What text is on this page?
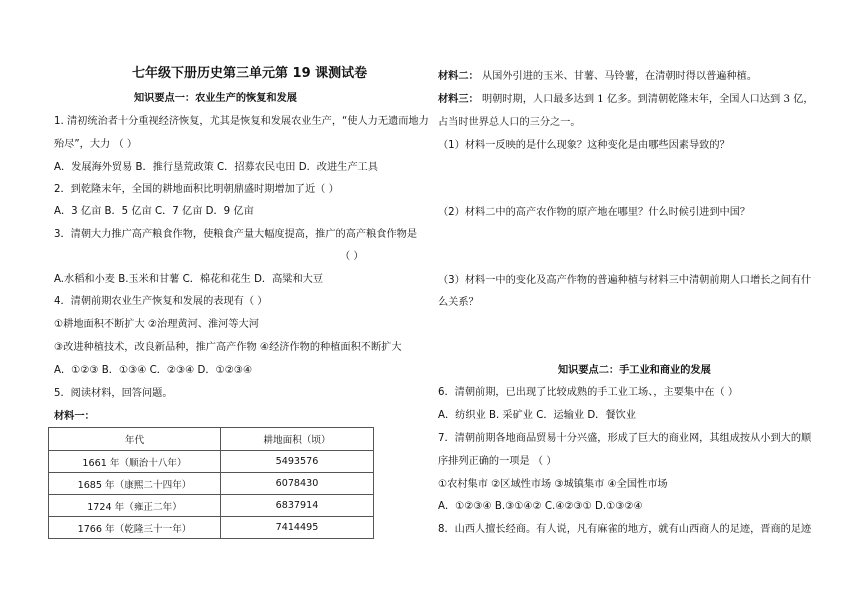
七年级下册历史第三单元第 19 课测试卷
知识要点一：农业生产的恢复和发展
1. 清初统治者十分重视经济恢复，尤其是恢复和发展农业生产，“使人力无遗而地力
殆尽”，大力 （ ）
A．发展海外贸易 B．推行垦荒政策 C．招募农民屯田 D．改进生产工具
2．到乾隆末年，全国的耕地面积比明朝鼎盛时期增加了近（ ）
A．3 亿亩 B．5 亿亩 C．7 亿亩 D．9 亿亩
3．清朝大力推广高产粮食作物，使粮食产量大幅度提高，推广的高产粮食作物是
（ ）
A.水稻和小麦 B.玉米和甘薯 C．棉花和花生 D．高粱和大豆
4．清朝前期农业生产恢复和发展的表现有（ ）
①耕地面积不断扩大 ②治理黄河、淮河等大河
③改进种植技术，改良新品种，推广高产作物 ④经济作物的种植面积不断扩大
A．①②③ B．①③④ C．②③④ D．①②③④
5．阅读材料，回答问题。
材料一：
年代	耕地面积（顷）
1661 年（顺治十八年）	5493576
1685 年（康熙二十四年）	6078430
1724 年（雍正二年）	6837914
1766 年（乾隆三十一年）	7414495
材料二： 从国外引进的玉米、甘薯、马铃薯，在清朝时得以普遍种植。
材料三： 明朝时期，人口最多达到 1 亿多。到清朝乾隆末年，全国人口达到 3 亿，
占当时世界总人口的三分之一。
（1）材料一反映的是什么现象？这种变化是由哪些因素导致的？
（2）材料二中的高产农作物的原产地在哪里？什么时候引进到中国？
（3）材料一中的变化及高产作物的普遍种植与材料三中清朝前期人口增长之间有什
么关系？
知识要点二：手工业和商业的发展
6．清朝前期，已出现了比较成熟的手工业工场、，主要集中在（ ）
A．纺织业 B. 采矿业 C．运输业 D．餐饮业
7．清朝前期各地商品贸易十分兴盛，形成了巨大的商业网，其组成按从小到大的顺
序排列正确的一项是 （ ）
①农村集市 ②区域性市场 ③城镇集市 ④全国性市场
A．①②③④ B.③①④② C.④②③① D.①③②④
8．山西人擅长经商。有人说，凡有麻雀的地方，就有山西商人的足迹，晋商的足迹
